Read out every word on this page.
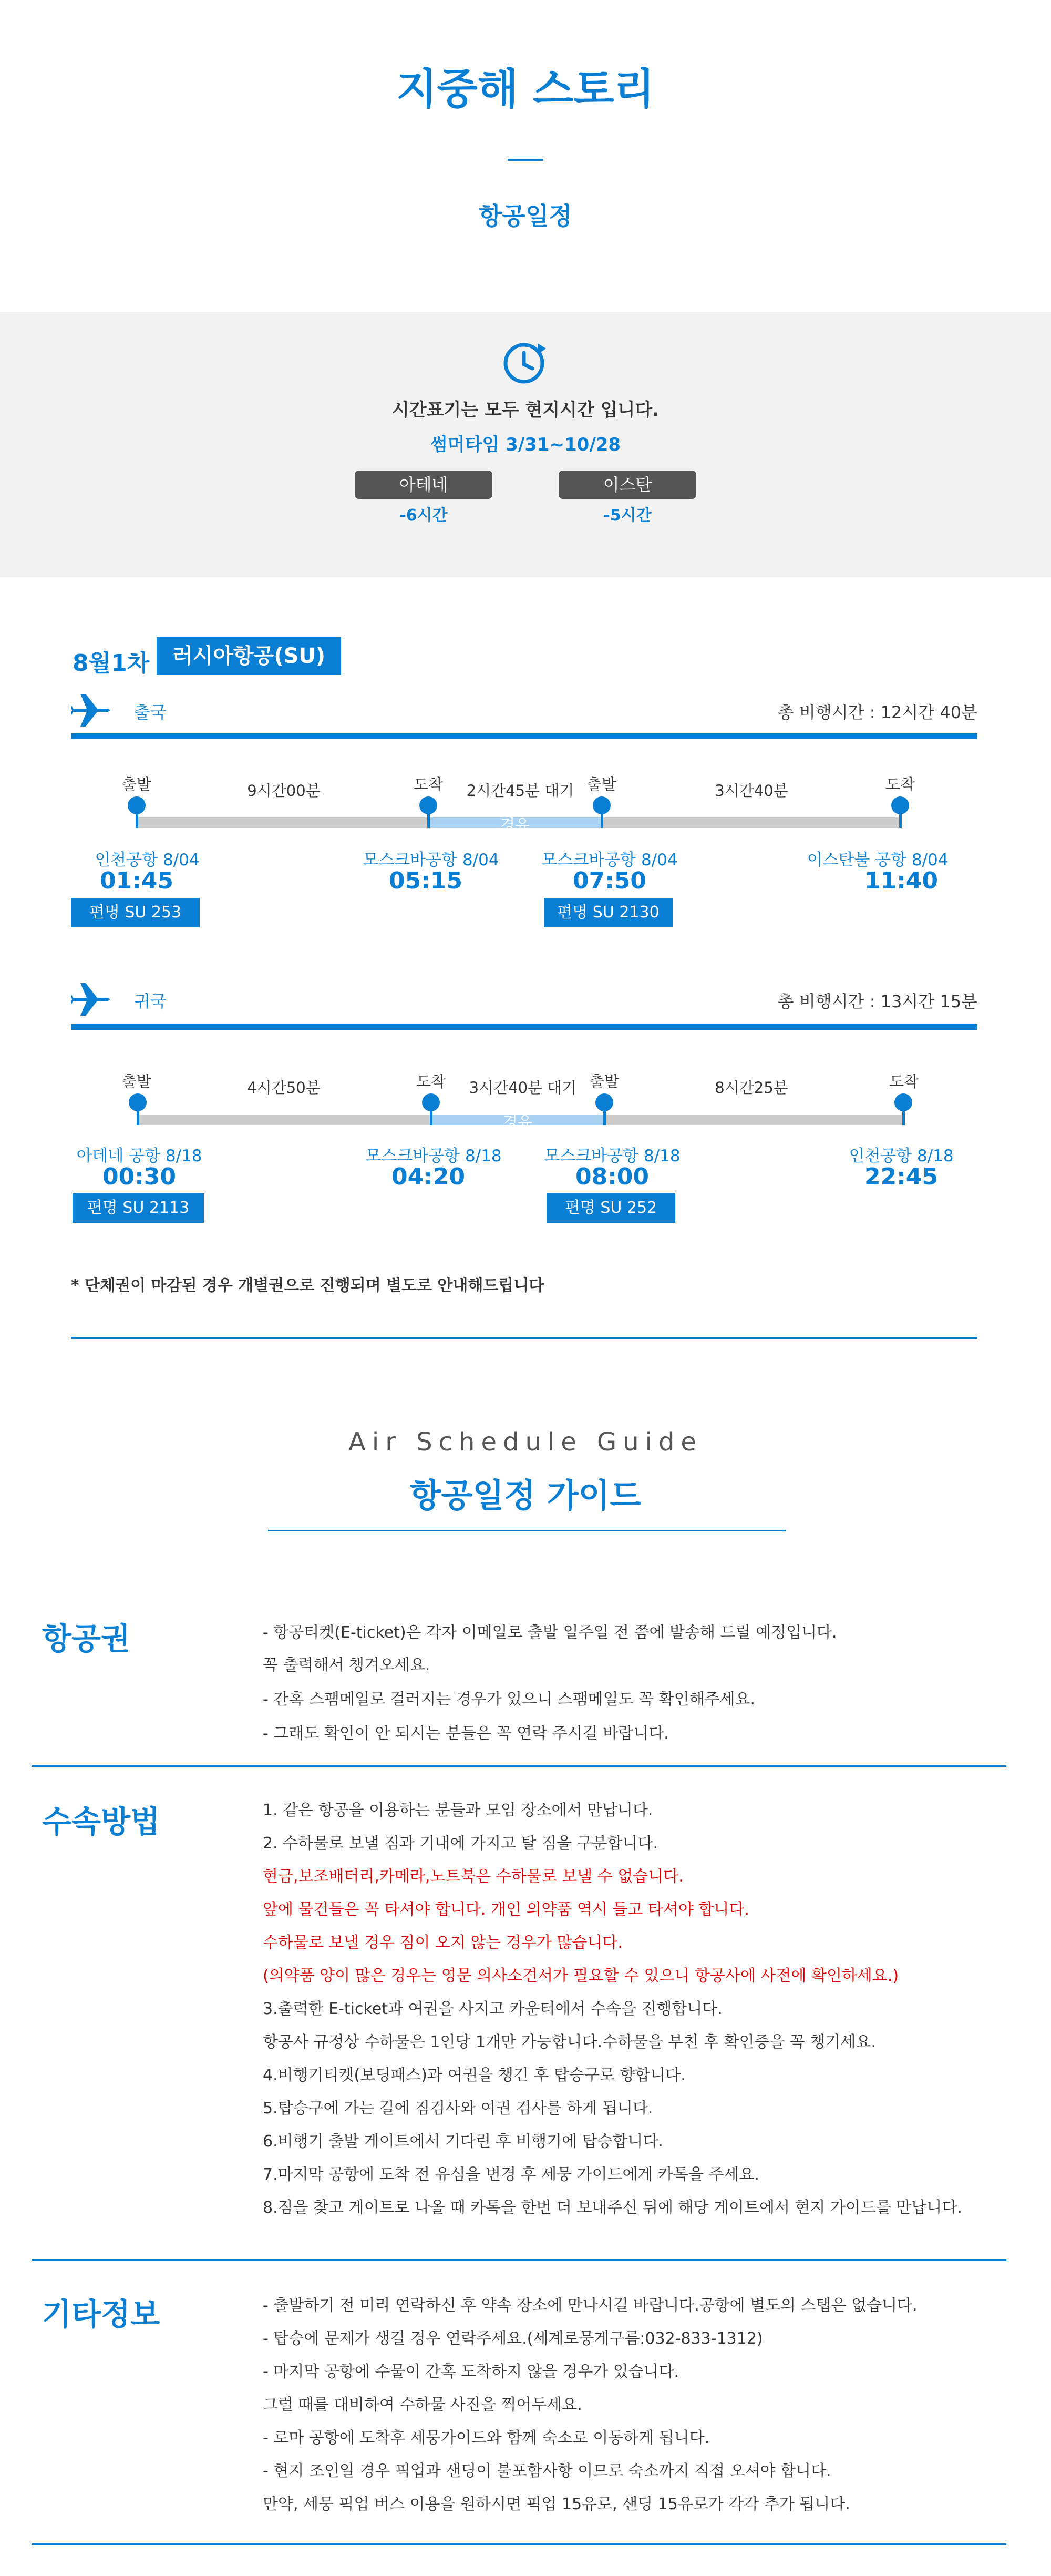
지중해 스토리
항공일정
시간표기는 모두 현지시간 입니다.
썸머타임 3/31~10/28
아테네
-6시간
이스탄
-5시간
8월1차	러시아항공(SU)
출국	총 비행시간 : 12시간 40분
출발	도착	출발	도착
9시간00분	2시간45분 대기	3시간40분
경유
인천공항 8/04
01:45
편명 SU 253
모스크바공항 8/04
05:15
모스크바공항 8/04
07:50
편명 SU 2130
이스탄불 공항 8/04
11:40
귀국	총 비행시간 : 13시간 15분
출발	도착	출발	도착
4시간50분	3시간40분 대기	8시간25분
경유
아테네 공항 8/18
00:30
편명 SU 2113
모스크바공항 8/18
04:20
모스크바공항 8/18
08:00
편명 SU 252
인천공항 8/18
22:45
* 단체권이 마감된 경우 개별권으로 진행되며 별도로 안내해드립니다
Air Schedule Guide
항공일정 가이드
항공권	- 항공티켓(E-ticket)은 각자 이메일로 출발 일주일 전 쯤에 발송해 드릴 예정입니다.
꼭 출력해서 챙겨오세요.
- 간혹 스팸메일로 걸러지는 경우가 있으니 스팸메일도 꼭 확인해주세요.
- 그래도 확인이 안 되시는 분들은 꼭 연락 주시길 바랍니다.
수속방법	1. 같은 항공을 이용하는 분들과 모임 장소에서 만납니다.
2. 수하물로 보낼 짐과 기내에 가지고 탈 짐을 구분합니다.
현금,보조배터리,카메라,노트북은 수하물로 보낼 수 없습니다.
앞에 물건들은 꼭 타셔야 합니다. 개인 의약품 역시 들고 타셔야 합니다.
수하물로 보낼 경우 짐이 오지 않는 경우가 많습니다.
(의약품 양이 많은 경우는 영문 의사소견서가 필요할 수 있으니 항공사에 사전에 확인하세요.)
3.출력한 E-ticket과 여권을 사지고 카운터에서 수속을 진행합니다.
항공사 규정상 수하물은 1인당 1개만 가능합니다.수하물을 부친 후 확인증을 꼭 챙기세요.
4.비행기티켓(보딩패스)과 여권을 챙긴 후 탑승구로 향합니다.
5.탑승구에 가는 길에 짐검사와 여권 검사를 하게 됩니다.
6.비행기 출발 게이트에서 기다린 후 비행기에 탑승합니다.
7.마지막 공항에 도착 전 유심을 변경 후 세뭉 가이드에게 카톡을 주세요.
8.짐을 찾고 게이트로 나올 때 카톡을 한번 더 보내주신 뒤에 해당 게이트에서 현지 가이드를 만납니다.
기타정보	- 출발하기 전 미리 연락하신 후 약속 장소에 만나시길 바랍니다.공항에 별도의 스탭은 없습니다.
- 탑승에 문제가 생길 경우 연락주세요.(세계로뭉게구름:032-833-1312)
- 마지막 공항에 수물이 간혹 도착하지 않을 경우가 있습니다.
그럴 때를 대비하여 수하물 사진을 찍어두세요.
- 로마 공항에 도착후 세뭉가이드와 함께 숙소로 이동하게 됩니다.
- 현지 조인일 경우 픽업과 샌딩이 불포함사항 이므로 숙소까지 직접 오셔야 합니다.
만약, 세뭉 픽업 버스 이용을 원하시면 픽업 15유로, 샌딩 15유로가 각각 추가 됩니다.
